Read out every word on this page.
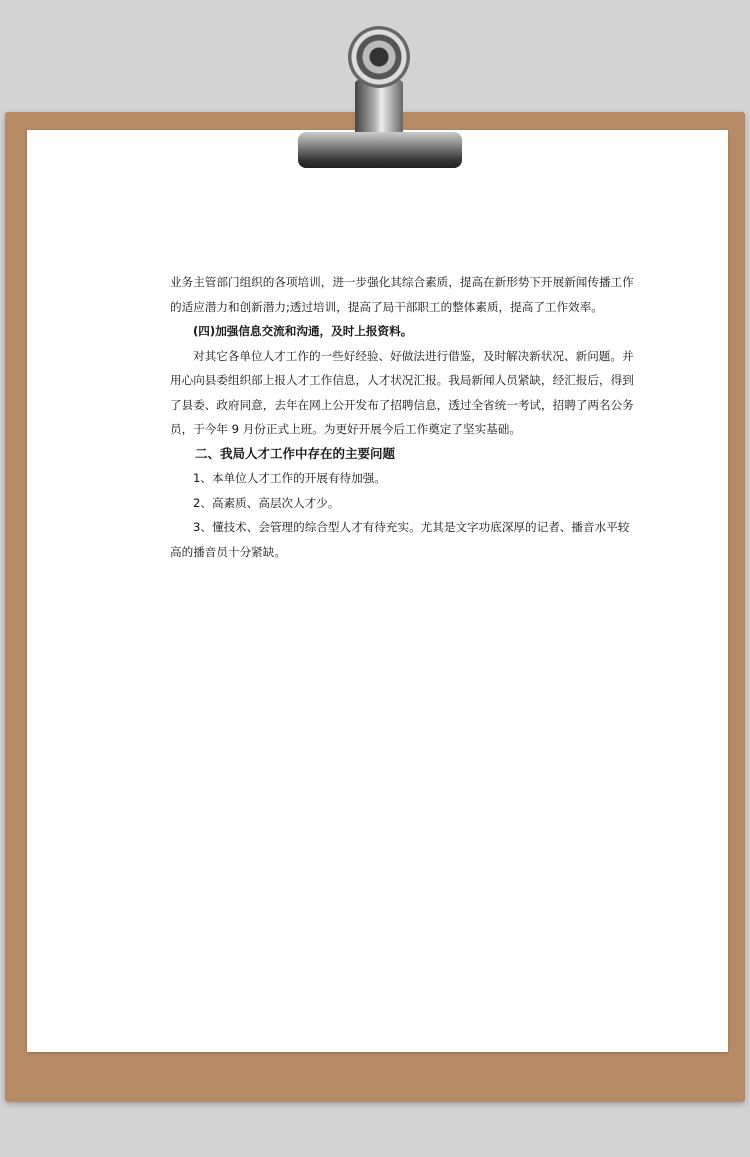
业务主管部门组织的各项培训，进一步强化其综合素质，提高在新形势下开展新闻传播工作
的适应潜力和创新潜力;透过培训，提高了局干部职工的整体素质，提高了工作效率。
(四)加强信息交流和沟通，及时上报资料。
对其它各单位人才工作的一些好经验、好做法进行借鉴，及时解决新状况、新问题。并
用心向县委组织部上报人才工作信息，人才状况汇报。我局新闻人员紧缺，经汇报后，得到
了县委、政府同意，去年在网上公开发布了招聘信息，透过全省统一考试，招聘了两名公务
员，于今年 9 月份正式上班。为更好开展今后工作奠定了坚实基础。
二、我局人才工作中存在的主要问题
1、本单位人才工作的开展有待加强。
2、高素质、高层次人才少。
3、懂技术、会管理的综合型人才有待充实。尤其是文字功底深厚的记者、播音水平较
高的播音员十分紧缺。
